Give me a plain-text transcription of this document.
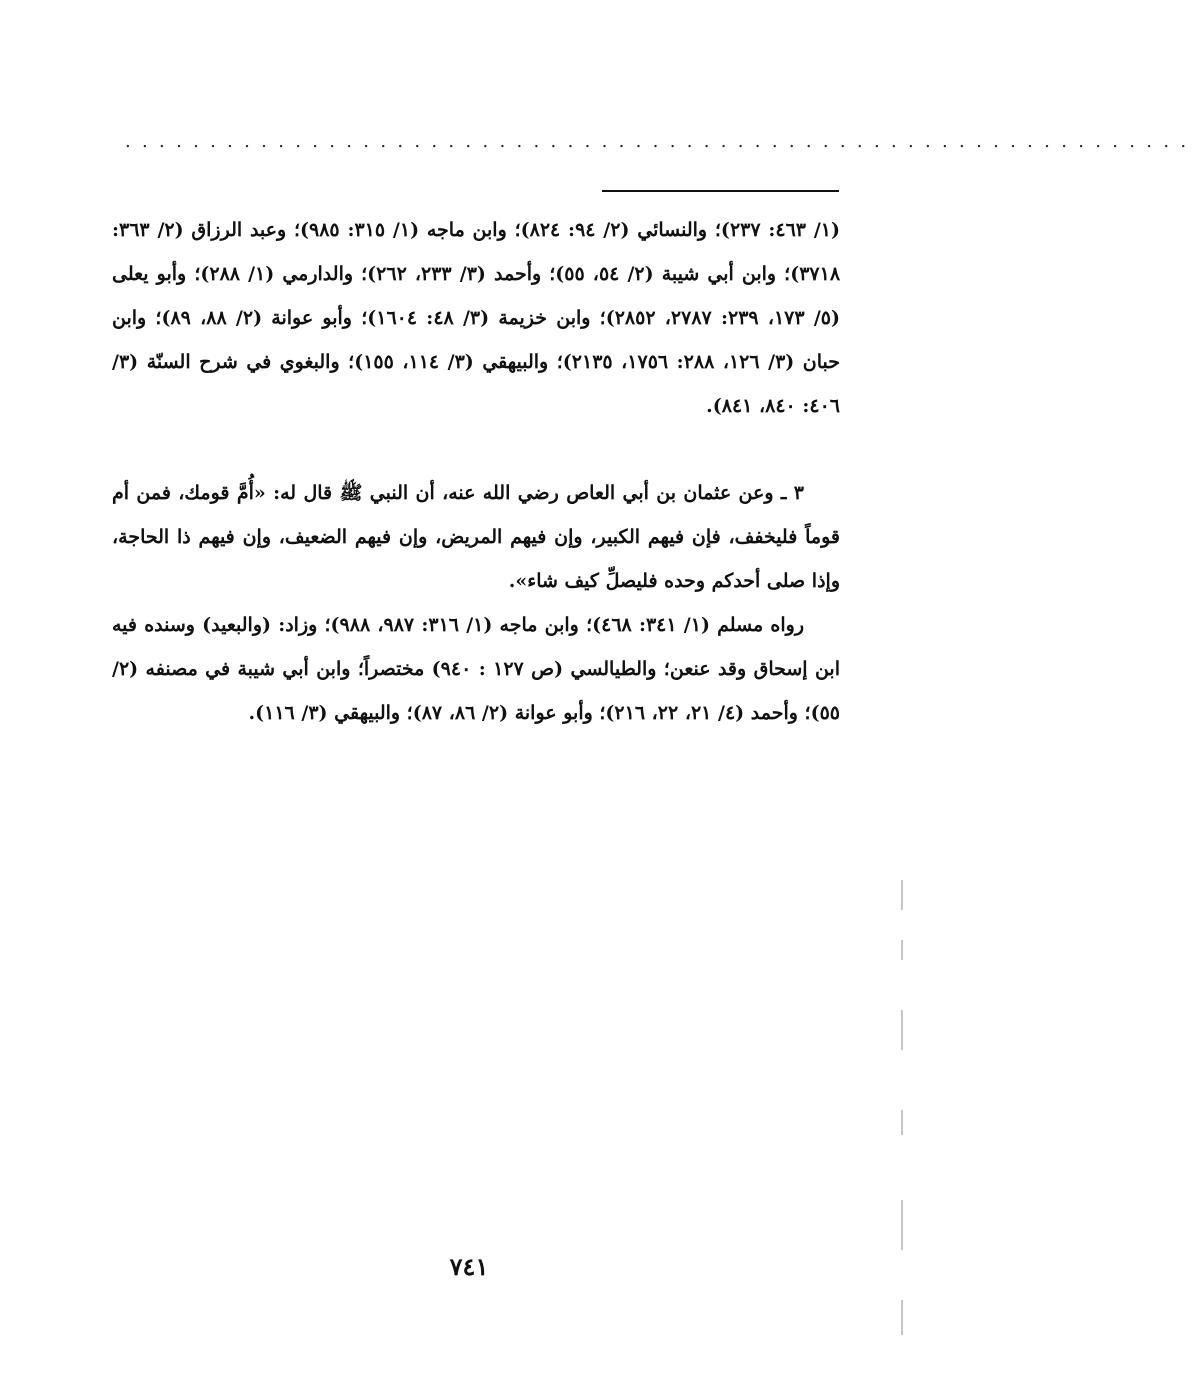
...............................................................

(١/ ٤٦٣: ٢٣٧)؛ والنسائي (٢/ ٩٤: ٨٢٤)؛ وابن ماجه (١/ ٣١٥: ٩٨٥)؛ وعبد الرزاق (٢/ ٣٦٣: ٣٧١٨)؛ وابن أبي شيبة (٢/ ٥٤، ٥٥)؛ وأحمد (٣/ ٢٣٣، ٢٦٢)؛ والدارمي (١/ ٢٨٨)؛ وأبو يعلى (٥/ ١٧٣، ٢٣٩: ٢٧٨٧، ٢٨٥٢)؛ وابن خزيمة (٣/ ٤٨: ١٦٠٤)؛ وأبو عوانة (٢/ ٨٨، ٨٩)؛ وابن حبان (٣/ ١٢٦، ٢٨٨: ١٧٥٦، ٢١٣٥)؛ والبيهقي (٣/ ١١٤، ١٥٥)؛ والبغوي في شرح السنّة (٣/ ٤٠٦: ٨٤٠، ٨٤١).

٣ ـ وعن عثمان بن أبي العاص رضي الله عنه، أن النبي ﷺ قال له: «أُمَّ قومك، فمن أم قوماً فليخفف، فإن فيهم الكبير، وإن فيهم المريض، وإن فيهم الضعيف، وإن فيهم ذا الحاجة، وإذا صلى أحدكم وحده فليصلِّ كيف شاء».

رواه مسلم (١/ ٣٤١: ٤٦٨)؛ وابن ماجه (١/ ٣١٦: ٩٨٧، ٩٨٨)؛ وزاد: (والبعيد) وسنده فيه ابن إسحاق وقد عنعن؛ والطيالسي (ص ١٢٧ : ٩٤٠) مختصراً؛ وابن أبي شيبة في مصنفه (٢/ ٥٥)؛ وأحمد (٤/ ٢١، ٢٢، ٢١٦)؛ وأبو عوانة (٢/ ٨٦، ٨٧)؛ والبيهقي (٣/ ١١٦).

٧٤١
